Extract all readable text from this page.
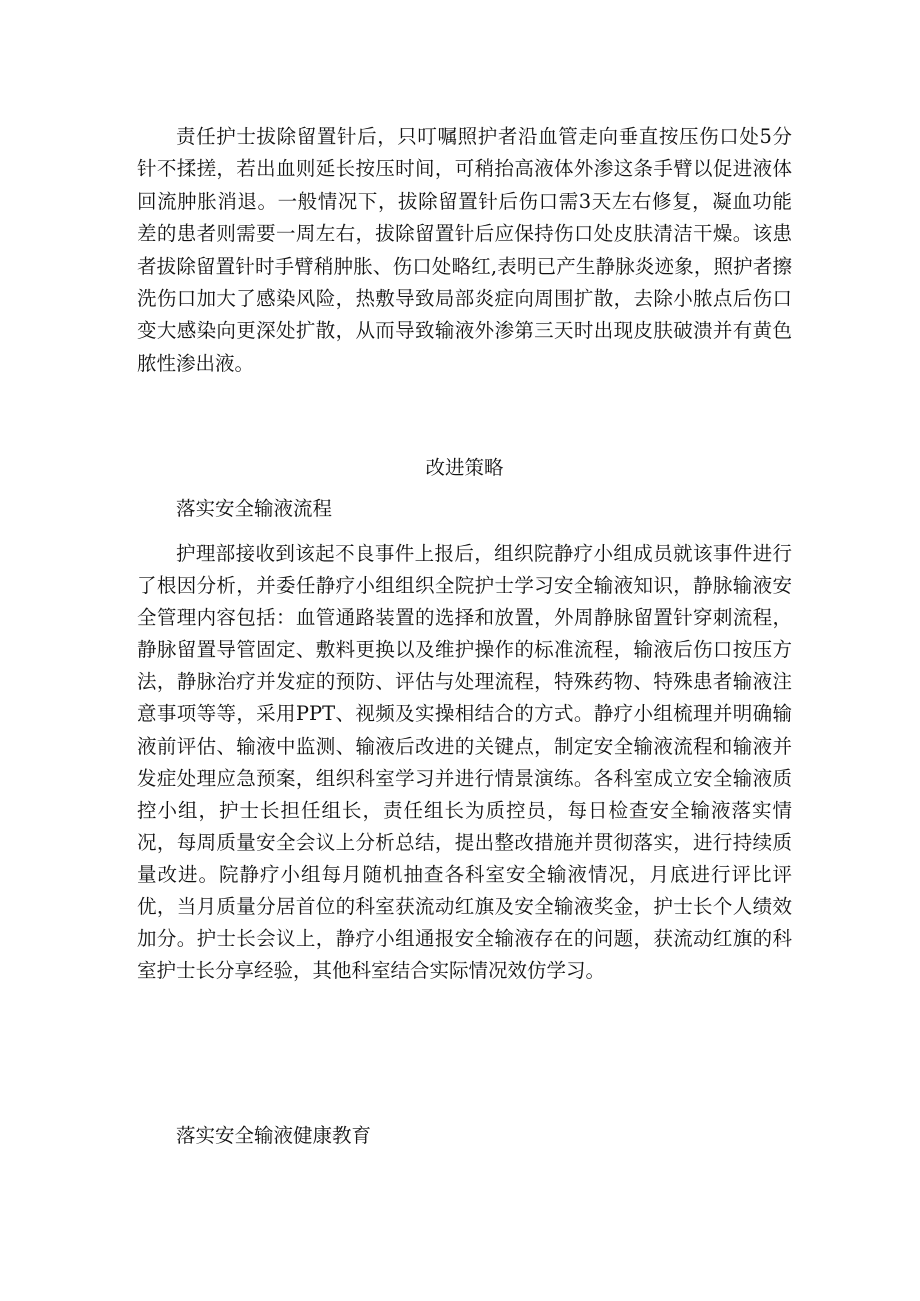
责任护士拔除留置针后，只叮嘱照护者沿血管走向垂直按压伤口处5分针不揉搓，若出血则延长按压时间，可稍抬高液体外渗这条手臂以促进液体回流肿胀消退。一般情况下，拔除留置针后伤口需3天左右修复，凝血功能差的患者则需要一周左右，拔除留置针后应保持伤口处皮肤清洁干燥。该患者拔除留置针时手臂稍肿胀、伤口处略红,表明已产生静脉炎迹象，照护者擦洗伤口加大了感染风险，热敷导致局部炎症向周围扩散，去除小脓点后伤口变大感染向更深处扩散，从而导致输液外渗第三天时出现皮肤破溃并有黄色脓性渗出液。

改进策略
落实安全输液流程

护理部接收到该起不良事件上报后，组织院静疗小组成员就该事件进行了根因分析，并委任静疗小组组织全院护士学习安全输液知识，静脉输液安全管理内容包括：血管通路装置的选择和放置，外周静脉留置针穿刺流程，静脉留置导管固定、敷料更换以及维护操作的标准流程，输液后伤口按压方法，静脉治疗并发症的预防、评估与处理流程，特殊药物、特殊患者输液注意事项等等，采用PPT、视频及实操相结合的方式。静疗小组梳理并明确输液前评估、输液中监测、输液后改进的关键点，制定安全输液流程和输液并发症处理应急预案，组织科室学习并进行情景演练。各科室成立安全输液质控小组，护士长担任组长，责任组长为质控员，每日检查安全输液落实情况，每周质量安全会议上分析总结，提出整改措施并贯彻落实，进行持续质量改进。院静疗小组每月随机抽查各科室安全输液情况，月底进行评比评优，当月质量分居首位的科室获流动红旗及安全输液奖金，护士长个人绩效加分。护士长会议上，静疗小组通报安全输液存在的问题，获流动红旗的科室护士长分享经验，其他科室结合实际情况效仿学习。

落实安全输液健康教育
